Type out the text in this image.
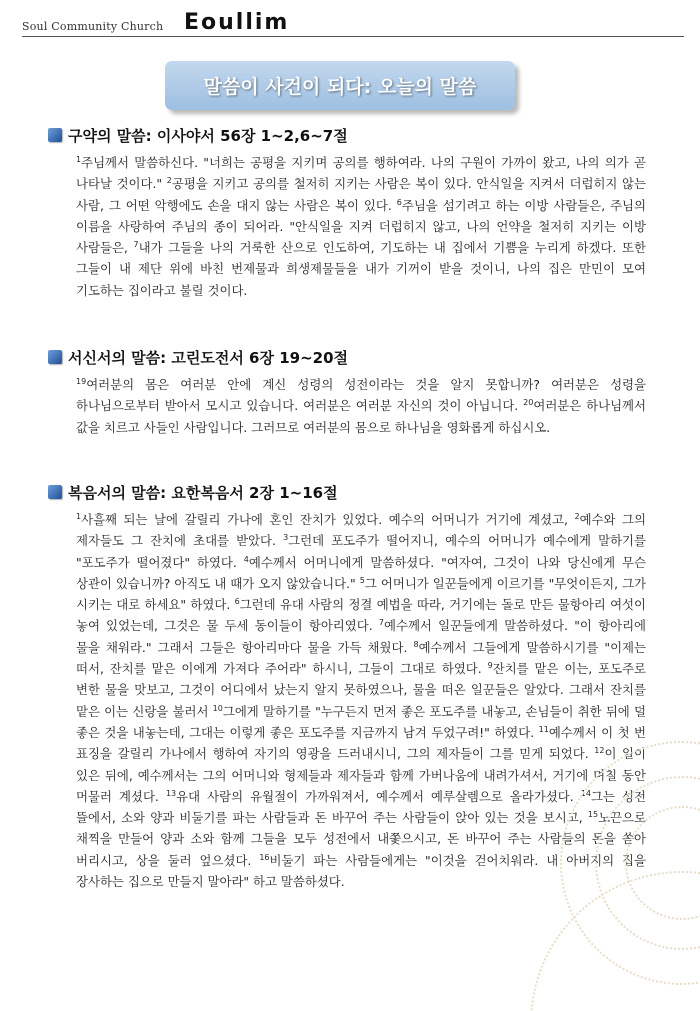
Soul Community Church Eoullim
말씀이 사건이 되다: 오늘의 말씀
구약의 말씀: 이사야서 56장 1~2,6~7절
$^1$주님께서 말씀하신다. "너희는 공평을 지키며 공의를 행하여라. 나의 구원이 가까이 왔고, 나의 의가 곧 나타날 것이다." $^2$공평을 지키고 공의를 철저히 지키는 사람은 복이 있다. 안식일을 지켜서 더럽히지 않는 사람, 그 어떤 악행에도 손을 대지 않는 사람은 복이 있다. $^6$주님을 섬기려고 하는 이방 사람들은, 주님의 이름을 사랑하여 주님의 종이 되어라. "안식일을 지켜 더럽히지 않고, 나의 언약을 철저히 지키는 이방 사람들은, $^7$내가 그들을 나의 거룩한 산으로 인도하여, 기도하는 내 집에서 기쁨을 누리게 하겠다. 또한 그들이 내 제단 위에 바친 번제물과 희생제물들을 내가 기꺼이 받을 것이니, 나의 집은 만민이 모여 기도하는 집이라고 불릴 것이다.
서신서의 말씀: 고린도전서 6장 19~20절
$^{19}$여러분의 몸은 여러분 안에 계신 성령의 성전이라는 것을 알지 못합니까? 여러분은 성령을 하나님으로부터 받아서 모시고 있습니다. 여러분은 여러분 자신의 것이 아닙니다. $^{20}$여러분은 하나님께서 값을 치르고 사들인 사람입니다. 그러므로 여러분의 몸으로 하나님을 영화롭게 하십시오.
복음서의 말씀: 요한복음서 2장 1~16절
$^1$사흘째 되는 날에 갈릴리 가나에 혼인 잔치가 있었다. 예수의 어머니가 거기에 계셨고, $^2$예수와 그의 제자들도 그 잔치에 초대를 받았다. $^3$그런데 포도주가 떨어지니, 예수의 어머니가 예수에게 말하기를 "포도주가 떨어졌다" 하였다. $^4$예수께서 어머니에게 말씀하셨다. "여자여, 그것이 나와 당신에게 무슨 상관이 있습니까? 아직도 내 때가 오지 않았습니다." $^5$그 어머니가 일꾼들에게 이르기를 "무엇이든지, 그가 시키는 대로 하세요" 하였다. $^6$그런데 유대 사람의 정결 예법을 따라, 거기에는 돌로 만든 물항아리 여섯이 놓여 있었는데, 그것은 물 두세 동이들이 항아리였다. $^7$예수께서 일꾼들에게 말씀하셨다. "이 항아리에 물을 채워라." 그래서 그들은 항아리마다 물을 가득 채웠다. $^8$예수께서 그들에게 말씀하시기를 "이제는 떠서, 잔치를 맡은 이에게 가져다 주어라" 하시니, 그들이 그대로 하였다. $^9$잔치를 맡은 이는, 포도주로 변한 물을 맛보고, 그것이 어디에서 났는지 알지 못하였으나, 물을 떠온 일꾼들은 알았다. 그래서 잔치를 맡은 이는 신랑을 불러서 $^{10}$그에게 말하기를 "누구든지 먼저 좋은 포도주를 내놓고, 손님들이 취한 뒤에 덜 좋은 것을 내놓는데, 그대는 이렇게 좋은 포도주를 지금까지 남겨 두었구려!" 하였다. $^{11}$예수께서 이 첫 번 표징을 갈릴리 가나에서 행하여 자기의 영광을 드러내시니, 그의 제자들이 그를 믿게 되었다. $^{12}$이 일이 있은 뒤에, 예수께서는 그의 어머니와 형제들과 제자들과 함께 가버나움에 내려가셔서, 거기에 며칠 동안 머물러 계셨다. $^{13}$유대 사람의 유월절이 가까워져서, 예수께서 예루살렘으로 올라가셨다. $^{14}$그는 성전 뜰에서, 소와 양과 비둘기를 파는 사람들과 돈 바꾸어 주는 사람들이 앉아 있는 것을 보시고, $^{15}$노끈으로 채찍을 만들어 양과 소와 함께 그들을 모두 성전에서 내쫓으시고, 돈 바꾸어 주는 사람들의 돈을 쏟아 버리시고, 상을 둘러 엎으셨다. $^{16}$비둘기 파는 사람들에게는 "이것을 걷어치워라. 내 아버지의 집을 장사하는 집으로 만들지 말아라" 하고 말씀하셨다.
